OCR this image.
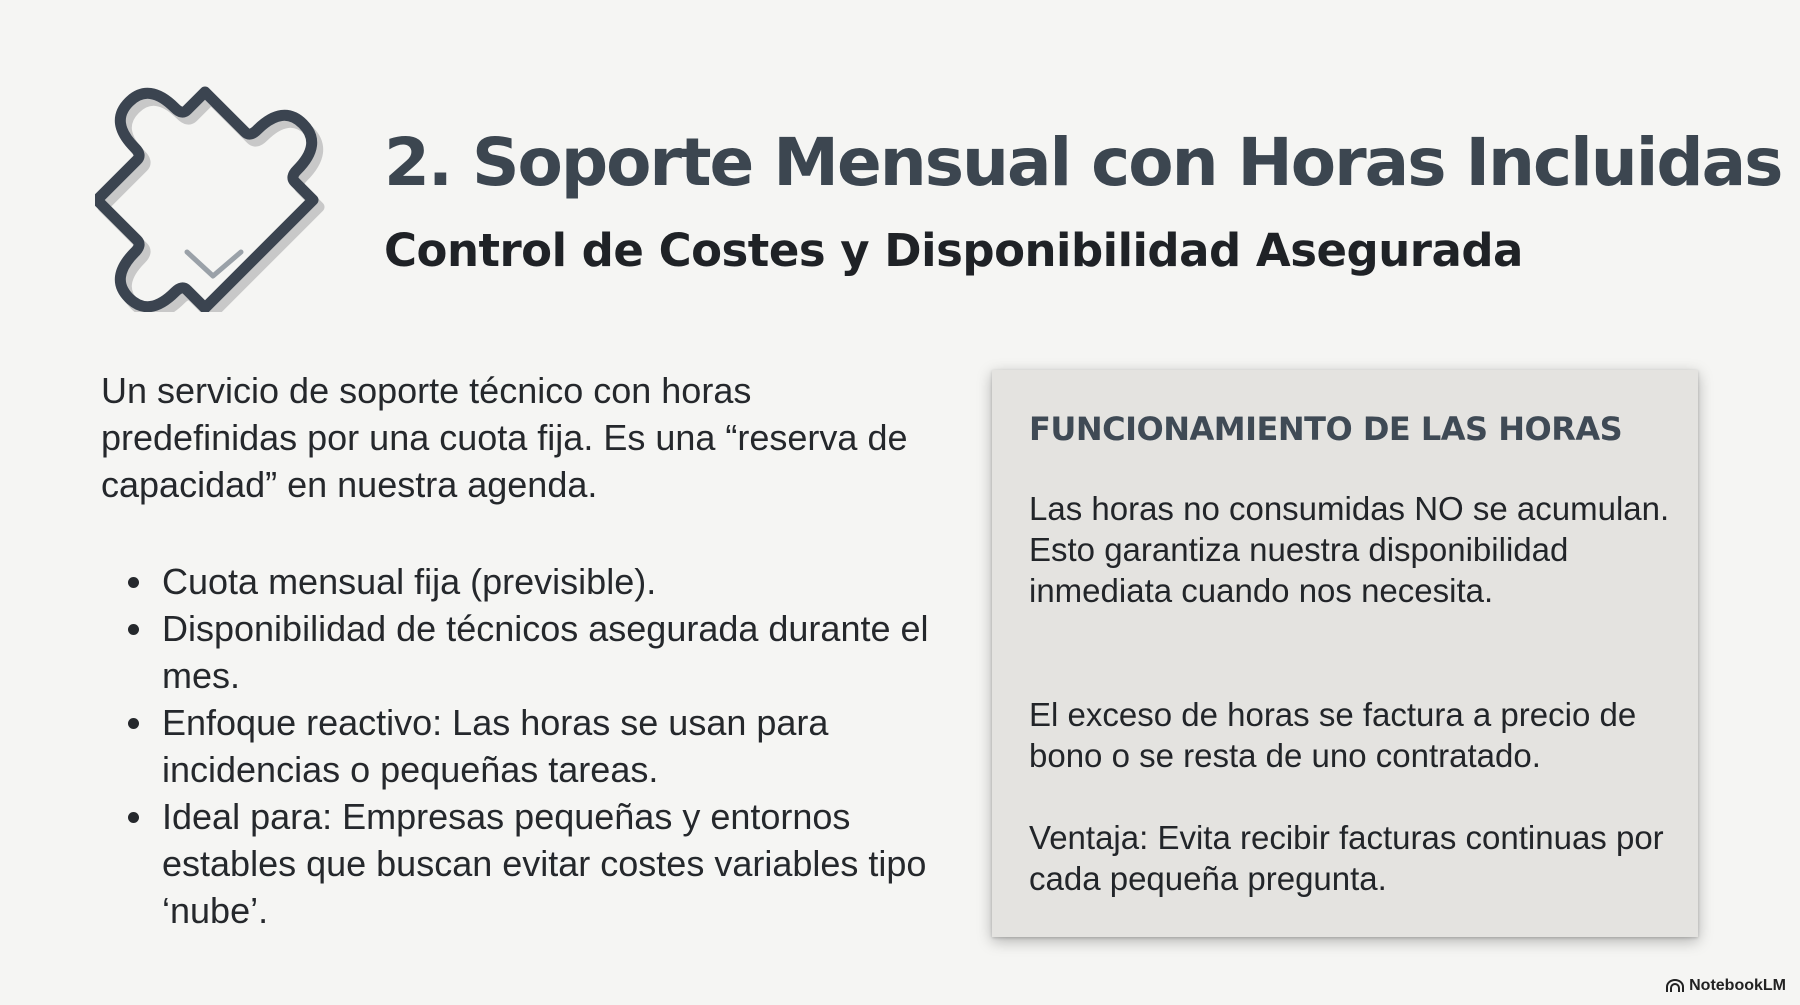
2. Soporte Mensual con Horas Incluidas
Control de Costes y Disponibilidad Asegurada

Un servicio de soporte técnico con horas predefinidas por una cuota fija. Es una “reserva de capacidad” en nuestra agenda.

Cuota mensual fija (previsible).
Disponibilidad de técnicos asegurada durante el mes.
Enfoque reactivo: Las horas se usan para incidencias o pequeñas tareas.
Ideal para: Empresas pequeñas y entornos estables que buscan evitar costes variables tipo ‘nube’.
FUNCIONAMIENTO DE LAS HORAS

Las horas no consumidas NO se acumulan. Esto garantiza nuestra disponibilidad inmediata cuando nos necesita.

El exceso de horas se factura a precio de bono o se resta de uno contratado.

Ventaja: Evita recibir facturas continuas por cada pequeña pregunta.

NotebookLM
